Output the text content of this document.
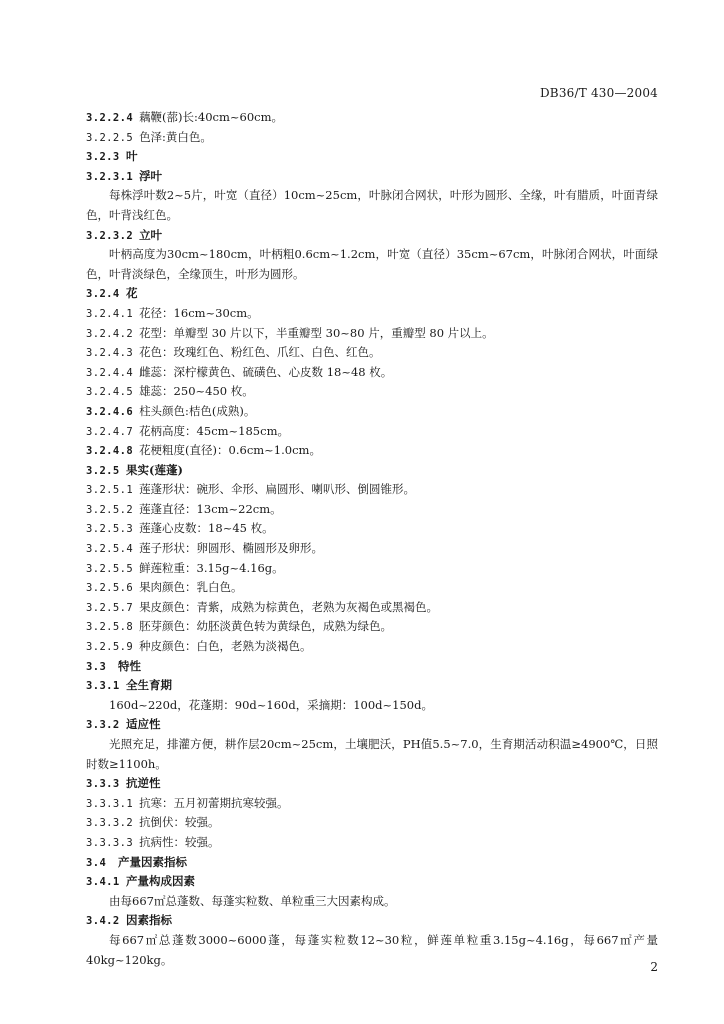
DB36/T 430—2004
3.2.2.4 藕鞭(蔀)长:40cm~60cm。
3.2.2.5 色泽:黄白色。
3.2.3 叶
3.2.3.1 浮叶
每株浮叶数2~5片，叶宽（直径）10cm~25cm，叶脉闭合网状，叶形为圆形、全缘，叶有腊质，叶面青绿色，叶背浅红色。
3.2.3.2 立叶
叶柄高度为30cm~180cm，叶柄粗0.6cm~1.2cm，叶宽（直径）35cm~67cm，叶脉闭合网状，叶面绿色，叶背淡绿色，全缘顶生，叶形为圆形。
3.2.4 花
3.2.4.1 花径：16cm~30cm。
3.2.4.2 花型：单瓣型 30 片以下，半重瓣型 30~80 片，重瓣型 80 片以上。
3.2.4.3 花色：玫瑰红色、粉红色、爪红、白色、红色。
3.2.4.4 雌蕊：深柠檬黄色、硫磺色、心皮数 18~48 枚。
3.2.4.5 雄蕊：250~450 枚。
3.2.4.6 柱头颜色:桔色(成熟)。
3.2.4.7 花柄高度：45cm~185cm。
3.2.4.8 花梗粗度(直径)：0.6cm~1.0cm。
3.2.5 果实(莲蓬)
3.2.5.1 莲蓬形状：碗形、伞形、扁圆形、喇叭形、倒圆锥形。
3.2.5.2 莲蓬直径：13cm~22cm。
3.2.5.3 莲蓬心皮数：18~45 枚。
3.2.5.4 莲子形状：卵圆形、椭圆形及卵形。
3.2.5.5 鲜莲粒重：3.15g~4.16g。
3.2.5.6 果肉颜色：乳白色。
3.2.5.7 果皮颜色：青紫，成熟为棕黄色，老熟为灰褐色或黑褐色。
3.2.5.8 胚芽颜色：幼胚淡黄色转为黄绿色，成熟为绿色。
3.2.5.9 种皮颜色：白色，老熟为淡褐色。
3.3 特性
3.3.1 全生育期
160d~220d，花蓬期：90d~160d，采摘期：100d~150d。
3.3.2 适应性
光照充足，排灌方便，耕作层20cm~25cm，土壤肥沃，PH值5.5~7.0，生育期活动积温≥4900℃，日照时数≥1100h。
3.3.3 抗逆性
3.3.3.1 抗寒：五月初蕾期抗寒较强。
3.3.3.2 抗倒伏：较强。
3.3.3.3 抗病性：较强。
3.4 产量因素指标
3.4.1 产量构成因素
由每667㎡总蓬数、每蓬实粒数、单粒重三大因素构成。
3.4.2 因素指标
每667㎡总蓬数3000~6000蓬，每蓬实粒数12~30粒，鲜莲单粒重3.15g~4.16g，每667㎡产量40kg~120kg。
2
